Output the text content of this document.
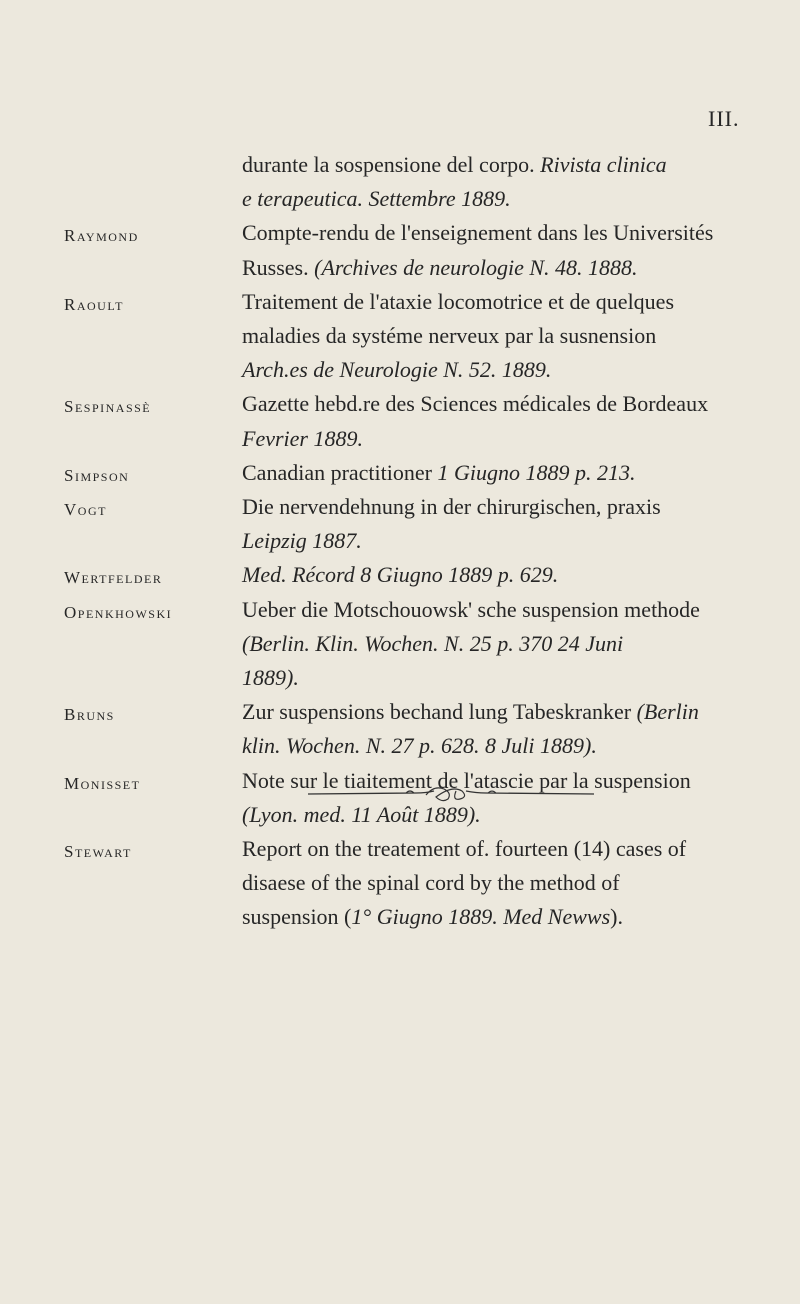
III.
durante la sospensione del corpo. Rivista clinica
e terapeutica. Settembre 1889.
Raymond	Compte-rendu de l'enseignement dans les Universités
Russes. (Archives de neurologie N. 48. 1888.
Raoult	Traitement de l'ataxie locomotrice et de quelques
maladies da systéme nerveux par la susnension
Arch.es de Neurologie N. 52. 1889.
Sespinassè	Gazette hebd.re des Sciences médicales de Bordeaux
Fevrier 1889.
Simpson	Canadian practitioner 1 Giugno 1889 p. 213.
Vogt	Die nervendehnung in der chirurgischen, praxis
Leipzig 1887.
Wertfelder	Med. Récord 8 Giugno 1889 p. 629.
Openkhowski	Ueber die Motschouowsk' sche suspension methode
(Berlin. Klin. Wochen. N. 25 p. 370 24 Juni
1889).
Bruns	Zur suspensions bechand lung Tabeskranker (Berlin
klin. Wochen. N. 27 p. 628. 8 Juli 1889).
Monisset	Note sur le tiaitement de l'atascie par la suspension
(Lyon. med. 11 Août 1889).
Stewart	Report on the treatement of. fourteen (14) cases of
disaese of the spinal cord by the method of
suspension (1° Giugno 1889. Med Newws).
